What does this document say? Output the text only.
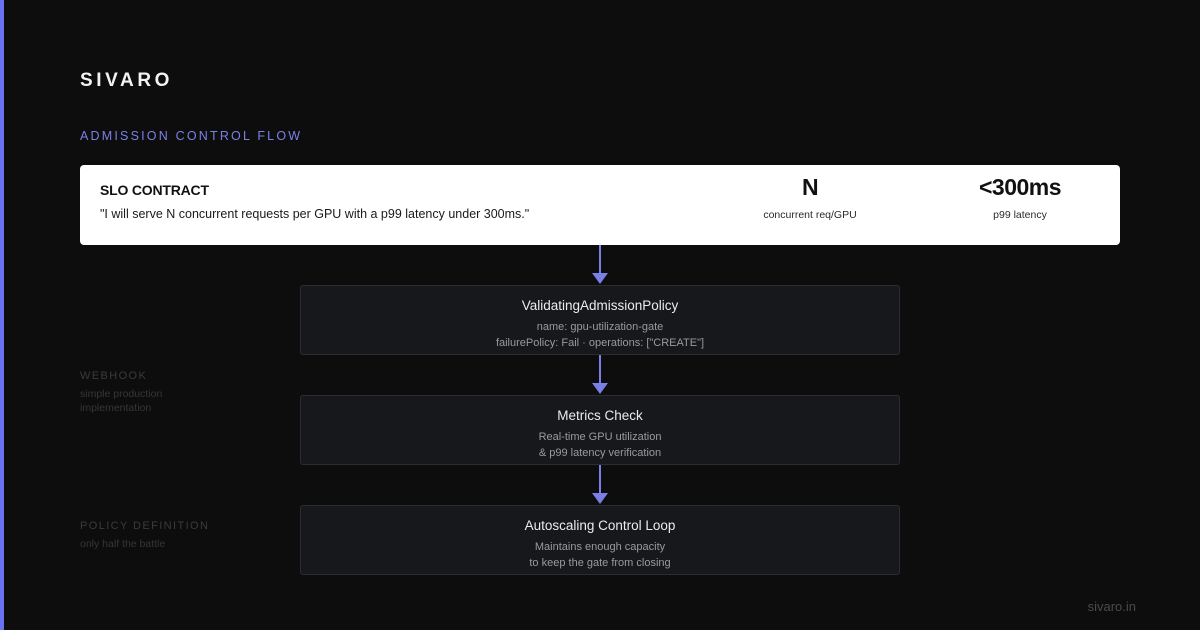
SIVARO
ADMISSION CONTROL FLOW
SLO CONTRACT
"I will serve N concurrent requests per GPU with a p99 latency under 300ms."
N
concurrent req/GPU
<300ms
p99 latency
ValidatingAdmissionPolicy
name: gpu-utilization-gate
failurePolicy: Fail · operations: ["CREATE"]
Metrics Check
Real-time GPU utilization
& p99 latency verification
Autoscaling Control Loop
Maintains enough capacity
to keep the gate from closing
WEBHOOK
simple production
implementation
POLICY DEFINITION
only half the battle
sivaro.in
